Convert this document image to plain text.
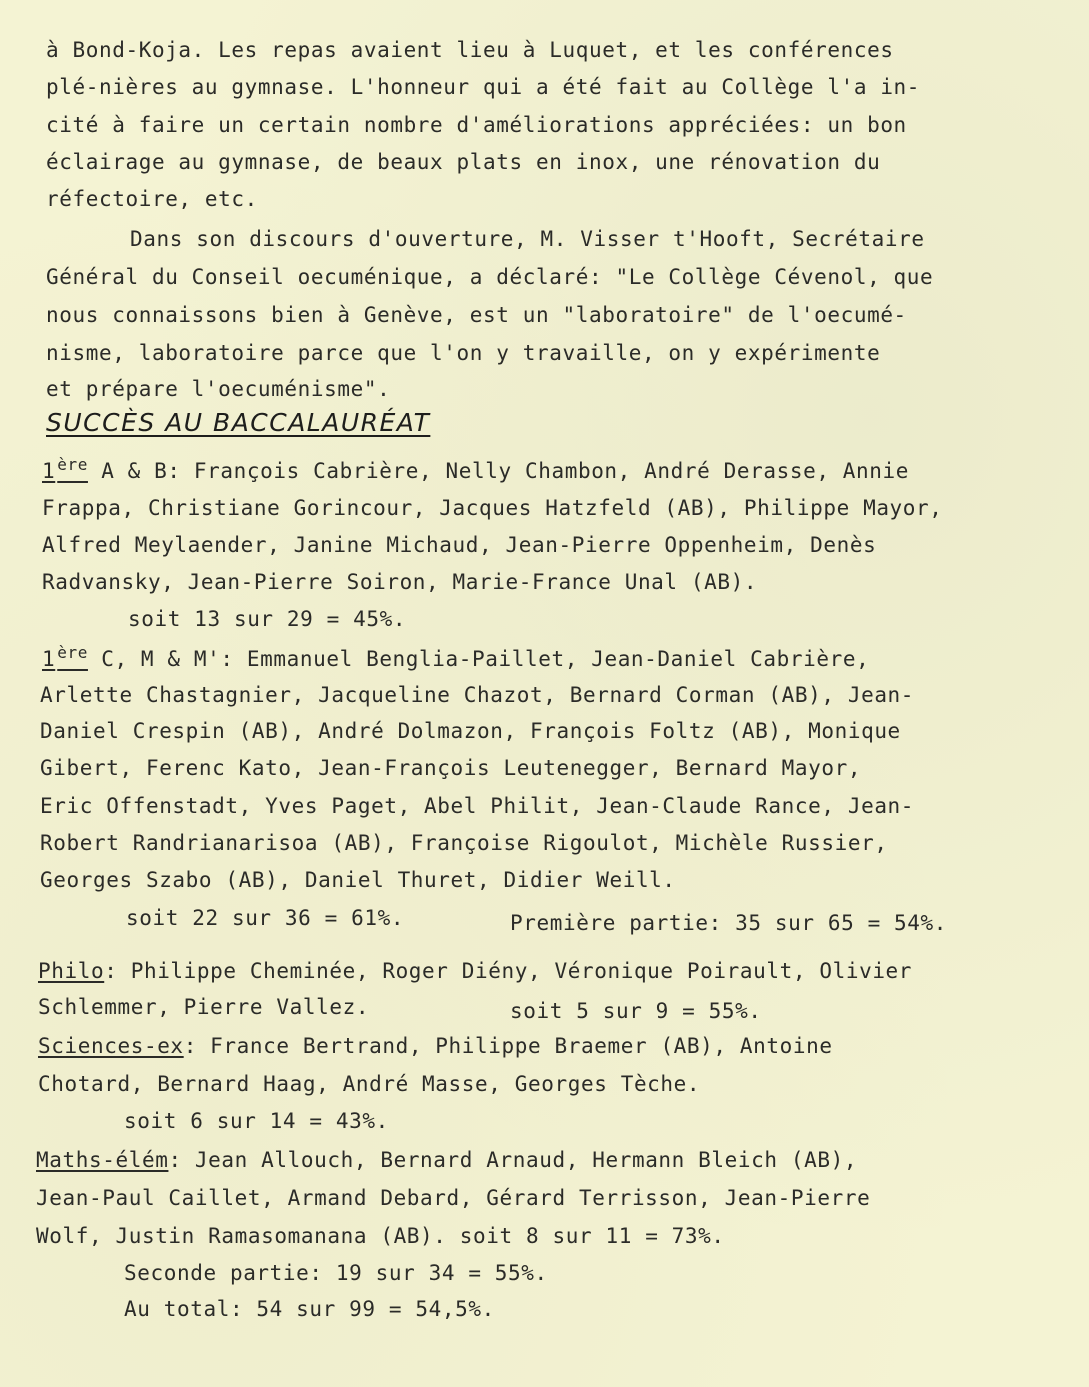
à Bond-Koja. Les repas avaient lieu à Luquet, et les conférences
plé-nières au gymnase. L'honneur qui a été fait au Collège l'a in-
cité à faire un certain nombre d'améliorations appréciées: un bon
éclairage au gymnase, de beaux plats en inox, une rénovation du
réfectoire, etc.
Dans son discours d'ouverture, M. Visser t'Hooft, Secrétaire
Général du Conseil oecuménique, a déclaré: "Le Collège Cévenol, que
nous connaissons bien à Genève, est un "laboratoire" de l'oecumé-
nisme, laboratoire parce que l'on y travaille, on y expérimente
et prépare l'oecuménisme".
SUCCÈS AU BACCALAURÉAT
1 $^{ère}$ A & B: François Cabrière, Nelly Chambon, André Derasse, Annie
Frappa, Christiane Gorincour, Jacques Hatzfeld (AB), Philippe Mayor,
Alfred Meylaender, Janine Michaud, Jean-Pierre Oppenheim, Denès
Radvansky, Jean-Pierre Soiron, Marie-France Unal (AB).
soit 13 sur 29 = 45%.
1 $^{ère}$ C, M & M': Emmanuel Benglia-Paillet, Jean-Daniel Cabrière,
Arlette Chastagnier, Jacqueline Chazot, Bernard Corman (AB), Jean-
Daniel Crespin (AB), André Dolmazon, François Foltz (AB), Monique
Gibert, Ferenc Kato, Jean-François Leutenegger, Bernard Mayor,
Eric Offenstadt, Yves Paget, Abel Philit, Jean-Claude Rance, Jean-
Robert Randrianarisoa (AB), Françoise Rigoulot, Michèle Russier,
Georges Szabo (AB), Daniel Thuret, Didier Weill.
soit 22 sur 36 = 61%.	Première partie: 35 sur 65 = 54%.
Philo: Philippe Cheminée, Roger Diény, Véronique Poirault, Olivier
Schlemmer, Pierre Vallez.	soit 5 sur 9 = 55%.
Sciences-ex: France Bertrand, Philippe Braemer (AB), Antoine
Chotard, Bernard Haag, André Masse, Georges Tèche.
soit 6 sur 14 = 43%.
Maths-élém: Jean Allouch, Bernard Arnaud, Hermann Bleich (AB),
Jean-Paul Caillet, Armand Debard, Gérard Terrisson, Jean-Pierre
Wolf, Justin Ramasomanana (AB). soit 8 sur 11 = 73%.
Seconde partie: 19 sur 34 = 55%.
Au total: 54 sur 99 = 54,5%.
